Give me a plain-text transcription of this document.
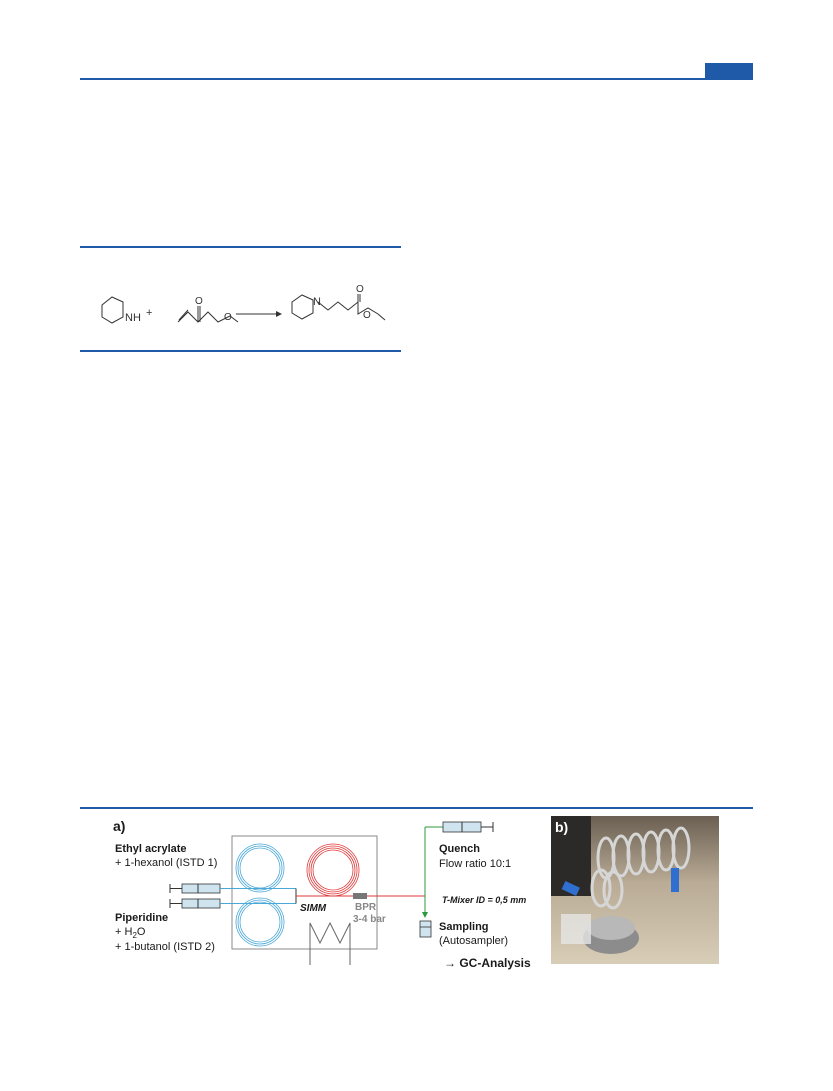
NH +
O
O
N
O
O
a)
Ethyl acrylate
+ 1-hexanol (ISTD 1)
Piperidine
+ $H_2O$
+ 1-butanol (ISTD 2)
SIMM	BPR
3-4 bar
Quench
Flow ratio 10:1
T-Mixer ID = 0,5 mm
Sampling
(Autosampler)
→ GC-Analysis
b)
